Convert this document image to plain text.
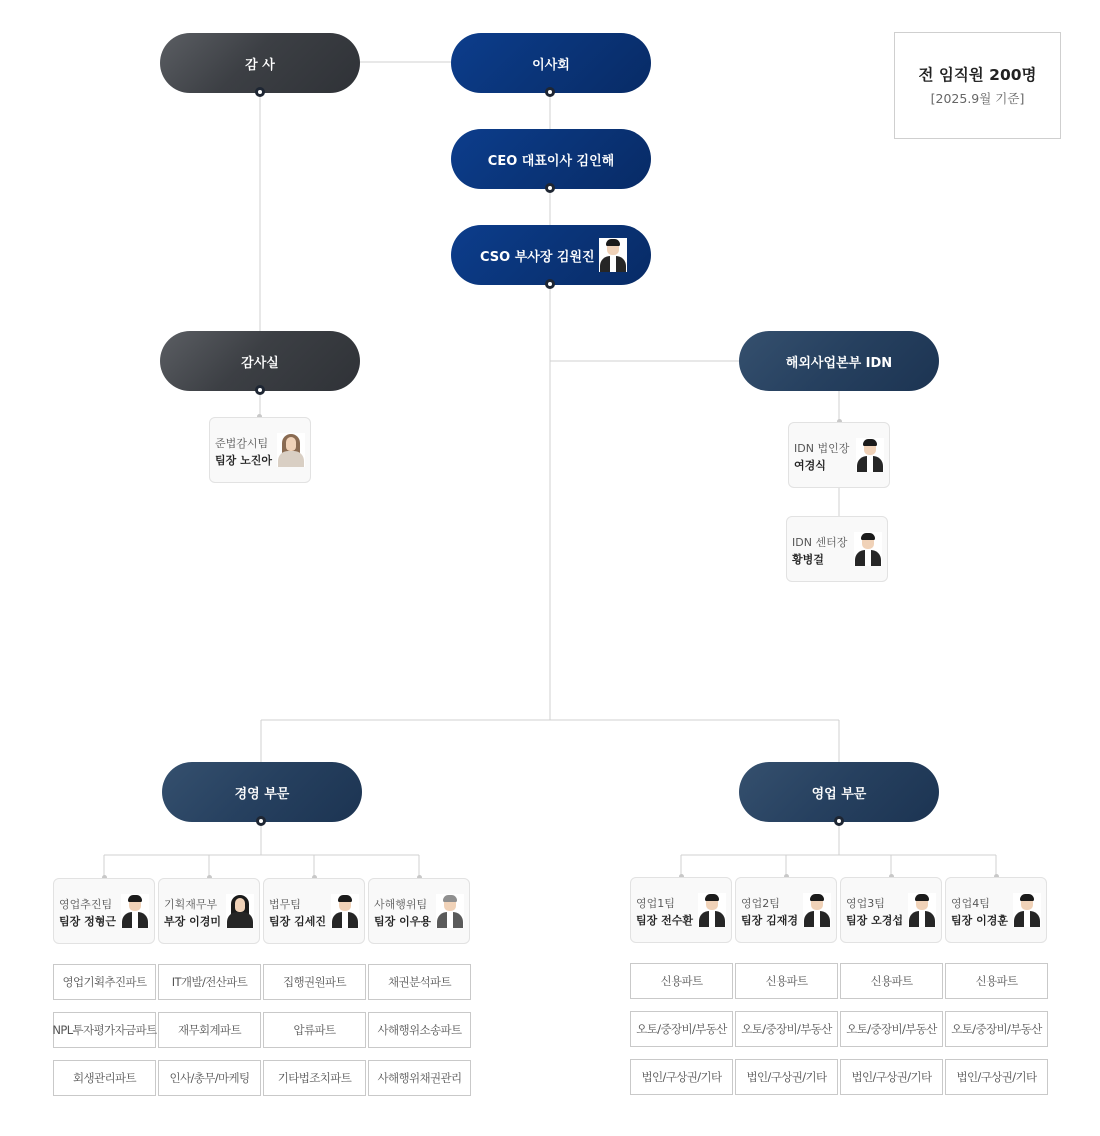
감 사	이사회
CEO 대표이사 김인해
CSO 부사장 김원진
감사실	해외사업본부 IDN
경영 부문	영업 부문
준법감시팀
팀장 노진아
IDN 법인장
여경식
IDN 센터장
황병걸
영업추진팀
팀장 정형근
기획재무부
부장 이경미
법무팀
팀장 김세진
사해행위팀
팀장 이우용
영업1팀
팀장 전수환
영업2팀
팀장 김재경
영업3팀
팀장 오경섭
영업4팀
팀장 이경훈
영업기획추진파트	IT개발/전산파트	집행권원파트	채권분석파트
NPL투자평가자금파트	재무회계파트	압류파트	사해행위소송파트
회생관리파트	인사/총무/마케팅	기타법조치파트	사해행위채권관리
신용파트	신용파트	신용파트	신용파트
오토/중장비/부동산	오토/중장비/부동산	오토/중장비/부동산	오토/중장비/부동산
법인/구상권/기타	법인/구상권/기타	법인/구상권/기타	법인/구상권/기타
전 임직원 200명
[2025.9월 기준]
